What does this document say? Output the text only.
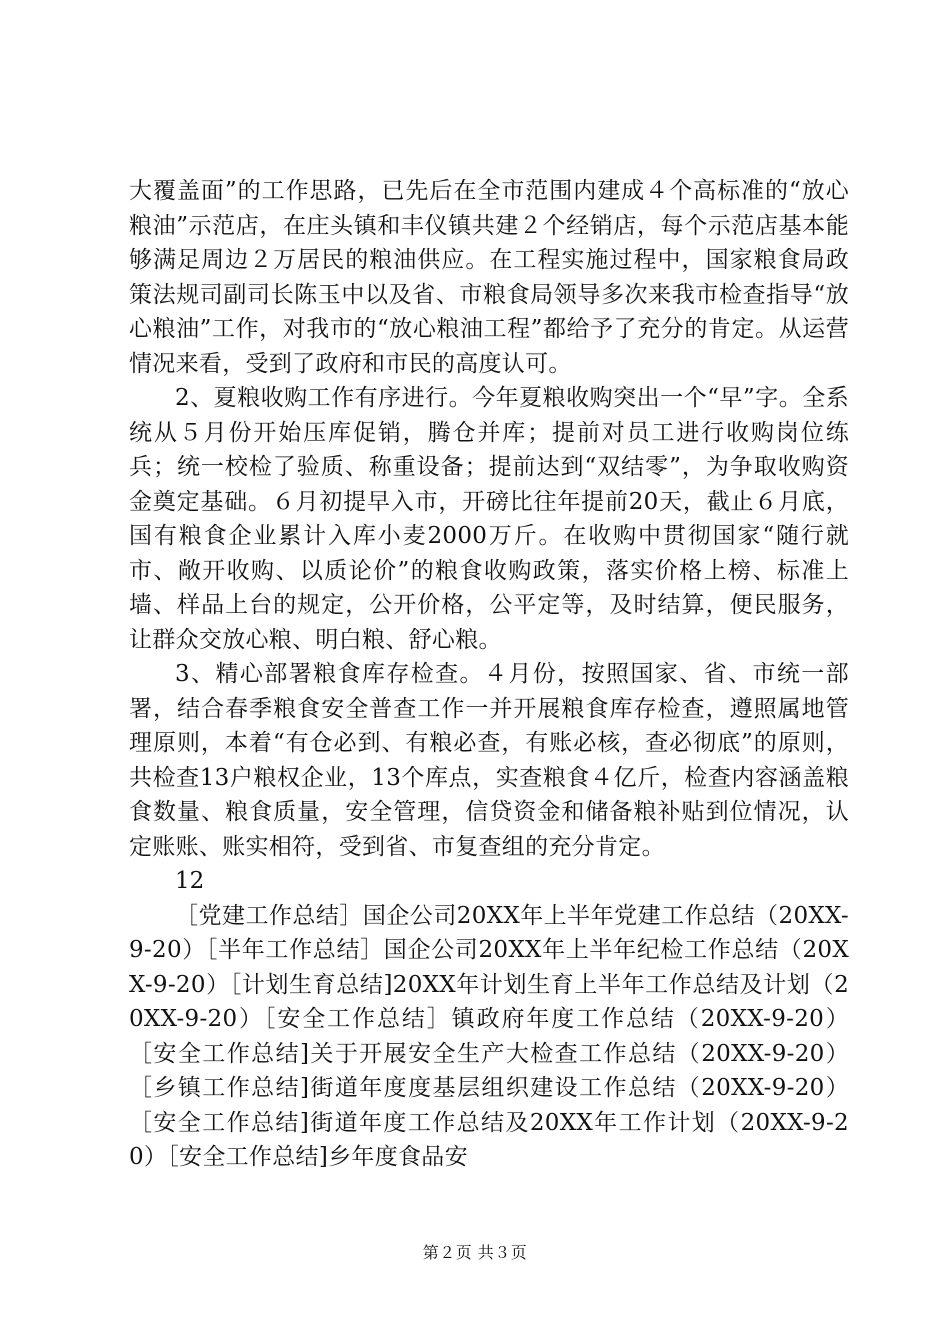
大覆盖面”的工作思路，已先后在全市范围内建成４个高标准的“放心粮油”示范店，在庄头镇和丰仪镇共建２个经销店，每个示范店基本能够满足周边２万居民的粮油供应。在工程实施过程中，国家粮食局政策法规司副司长陈玉中以及省、市粮食局领导多次来我市检查指导“放心粮油”工作，对我市的“放心粮油工程”都给予了充分的肯定。从运营情况来看，受到了政府和市民的高度认可。

2、夏粮收购工作有序进行。今年夏粮收购突出一个“早”字。全系统从５月份开始压库促销，腾仓并库；提前对员工进行收购岗位练兵；统一校检了验质、称重设备；提前达到“双结零”，为争取收购资金奠定基础。６月初提早入市，开磅比往年提前20天，截止６月底，国有粮食企业累计入库小麦2000万斤。在收购中贯彻国家“随行就市、敞开收购、以质论价”的粮食收购政策，落实价格上榜、标准上墙、样品上台的规定，公开价格，公平定等，及时结算，便民服务，让群众交放心粮、明白粮、舒心粮。

3、精心部署粮食库存检查。４月份，按照国家、省、市统一部署，结合春季粮食安全普查工作一并开展粮食库存检查，遵照属地管理原则，本着“有仓必到、有粮必查，有账必核，查必彻底”的原则，共检查13户粮权企业，13个库点，实查粮食４亿斤，检查内容涵盖粮食数量、粮食质量，安全管理，信贷资金和储备粮补贴到位情况，认定账账、账实相符，受到省、市复查组的充分肯定。

12

［党建工作总结］国企公司20XX年上半年党建工作总结（20XX-9-20）［半年工作总结］国企公司20XX年上半年纪检工作总结（20XX-9-20）［计划生育总结]20XX年计划生育上半年工作总结及计划（20XX-9-20）［安全工作总结］镇政府年度工作总结（20XX-9-20）［安全工作总结]关于开展安全生产大检查工作总结（20XX-9-20）［乡镇工作总结]街道年度度基层组织建设工作总结（20XX-9-20）［安全工作总结]街道年度工作总结及20XX年工作计划（20XX-9-20）［安全工作总结]乡年度食品安

第２页 共３页
